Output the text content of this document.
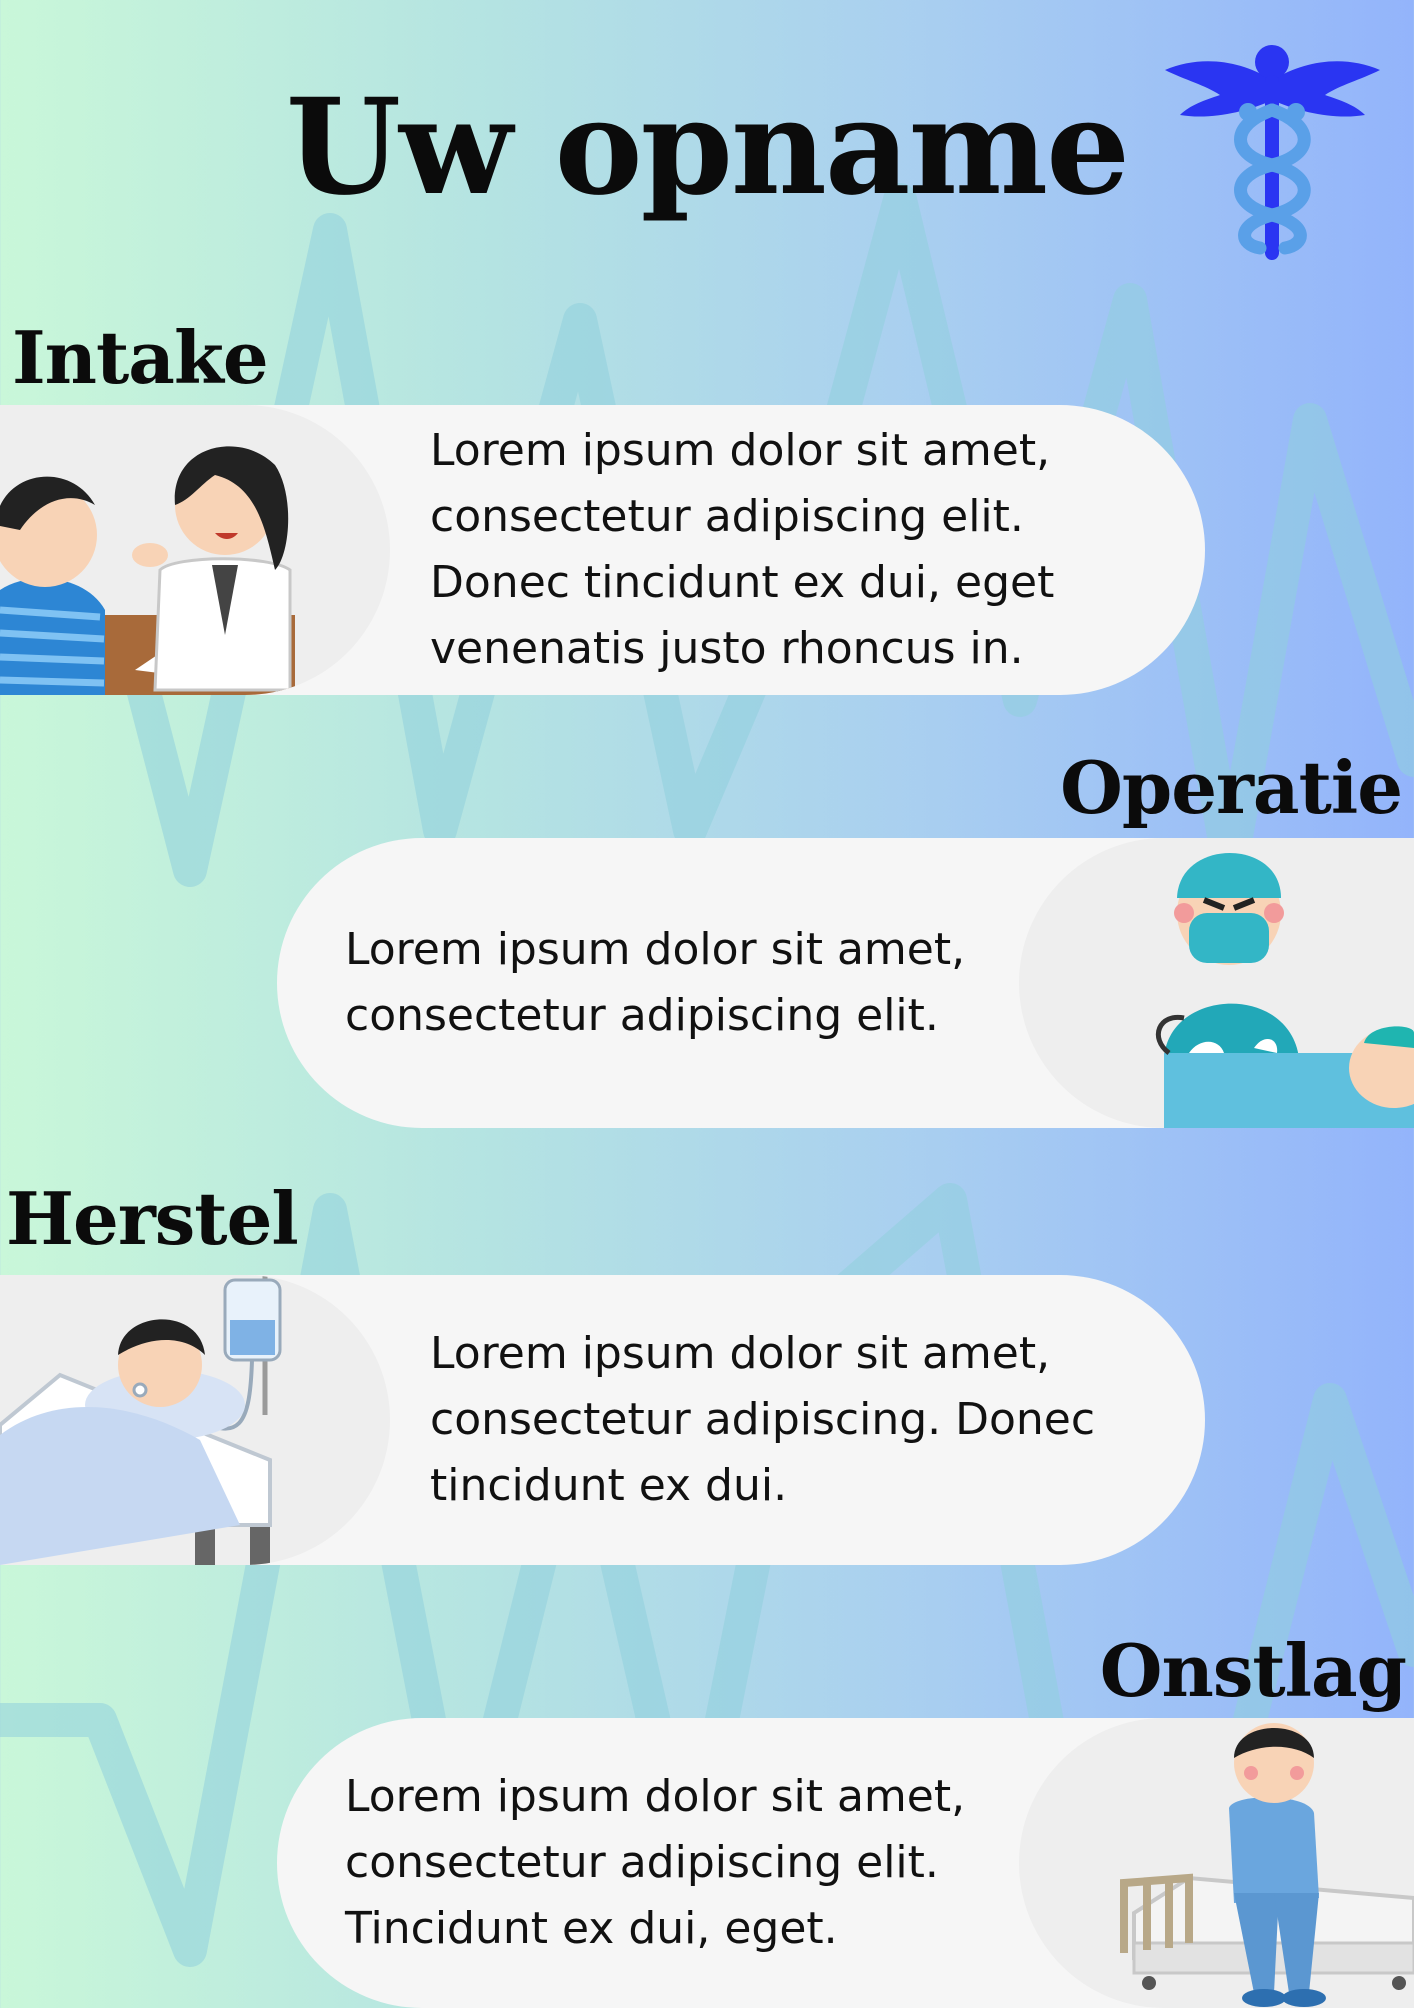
Uw opname
Intake

Lorem ipsum dolor sit amet,
consectetur adipiscing elit.
Donec tincidunt ex dui, eget
venenatis justo rhoncus in.

Operatie

Lorem ipsum dolor sit amet,
consectetur adipiscing elit.

Herstel

Lorem ipsum dolor sit amet,
consectetur adipiscing. Donec
tincidunt ex dui.

Onstlag

Lorem ipsum dolor sit amet,
consectetur adipiscing elit.
Tincidunt ex dui, eget.
